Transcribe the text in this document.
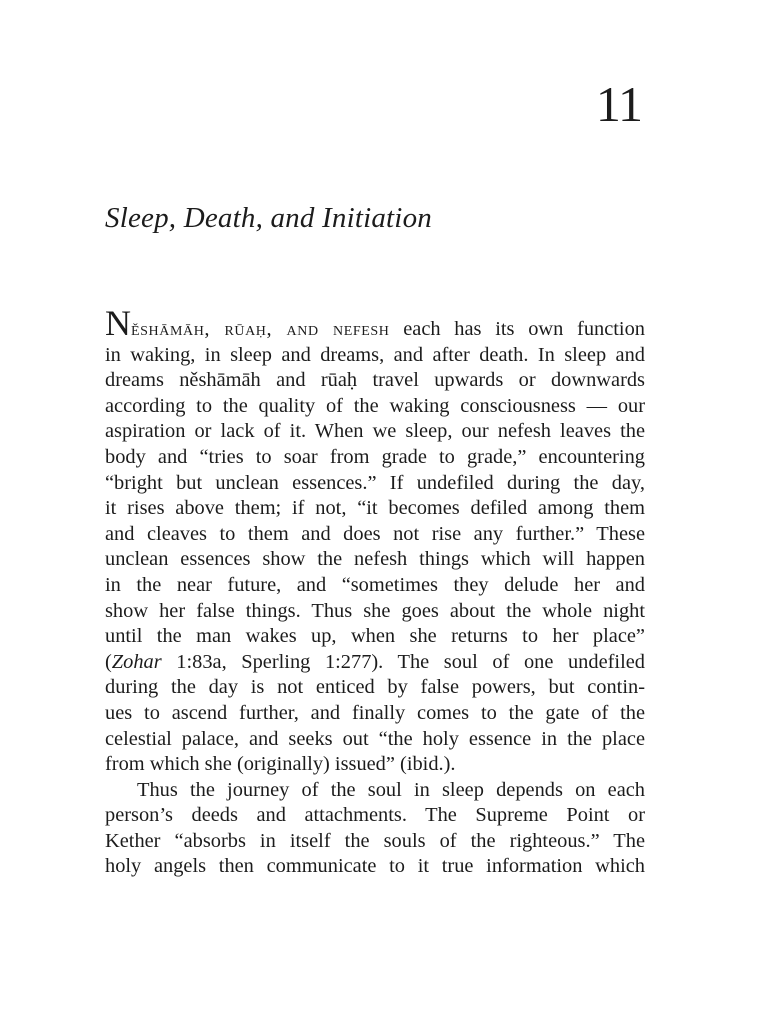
11
Sleep, Death, and Initiation
Něshāmāh, rūaḥ, and nefesh each has its own function
in waking, in sleep and dreams, and after death. In sleep and
dreams něshāmāh and rūaḥ travel upwards or downwards
according to the quality of the waking consciousness — our
aspiration or lack of it. When we sleep, our nefesh leaves the
body and “tries to soar from grade to grade,” encountering
“bright but unclean essences.” If undefiled during the day,
it rises above them; if not, “it becomes defiled among them
and cleaves to them and does not rise any further.” These
unclean essences show the nefesh things which will happen
in the near future, and “sometimes they delude her and
show her false things. Thus she goes about the whole night
until the man wakes up, when she returns to her place”
(Zohar 1:83a, Sperling 1:277). The soul of one undefiled
during the day is not enticed by false powers, but contin-
ues to ascend further, and finally comes to the gate of the
celestial palace, and seeks out “the holy essence in the place
from which she (originally) issued” (ibid.).
Thus the journey of the soul in sleep depends on each
person’s deeds and attachments. The Supreme Point or
Kether “absorbs in itself the souls of the righteous.” The
holy angels then communicate to it true information which
